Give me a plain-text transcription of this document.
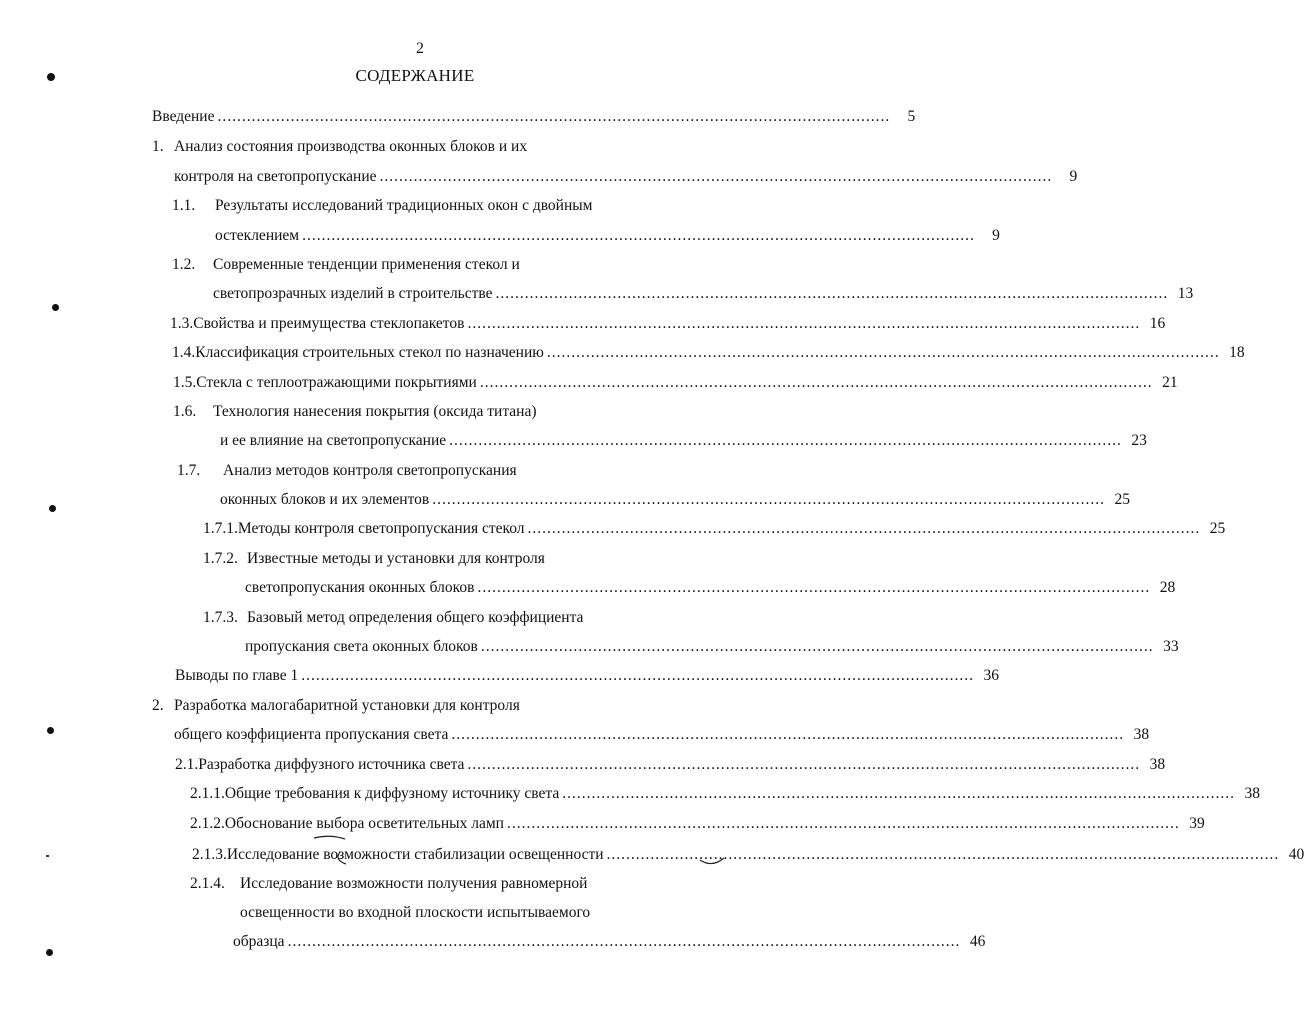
2
СОДЕРЖАНИЕ
Введение ..........................................................................................................................................	5
1. Анализ состояния производства оконных блоков и их
контроля на светопропускание ..........................................................................................................................................	9
1.1.	Результаты исследований традиционных окон с двойным
остеклением ..........................................................................................................................................	9
1.2.	Современные тенденции применения стекол и
светопрозрачных изделий в строительстве .......................................................................................................................................... 13
1.3. Свойства и преимущества стеклопакетов .......................................................................................................................................... 16
1.4. Классификация строительных стекол по назначению .......................................................................................................................................... 18
1.5. Стекла с теплоотражающими покрытиями .......................................................................................................................................... 21
1.6.	Технология нанесения покрытия (оксида титана)
и ее влияние на светопропускание .......................................................................................................................................... 23
1.7.	Анализ методов контроля светопропускания
оконных блоков и их элементов .......................................................................................................................................... 25
1.7.1. Методы контроля светопропускания стекол .......................................................................................................................................... 25
1.7.2. Известные методы и установки для контроля
светопропускания оконных блоков .......................................................................................................................................... 28
1.7.3. Базовый метод определения общего коэффициента
пропускания света оконных блоков .......................................................................................................................................... 33
Выводы по главе 1 .......................................................................................................................................... 36
2. Разработка малогабаритной установки для контроля
общего коэффициента пропускания света .......................................................................................................................................... 38
2.1. Разработка диффузного источника света .......................................................................................................................................... 38
2.1.1. Общие требования к диффузному источнику света .......................................................................................................................................... 38
2.1.2. Обоснование выбора осветительных ламп .......................................................................................................................................... 39
2.1.3. Исследование возможности стабилизации освещенности .......................................................................................................................................... 40
2.1.4. Исследование возможности получения равномерной
освещенности во входной плоскости испытываемого
образца .......................................................................................................................................... 46
